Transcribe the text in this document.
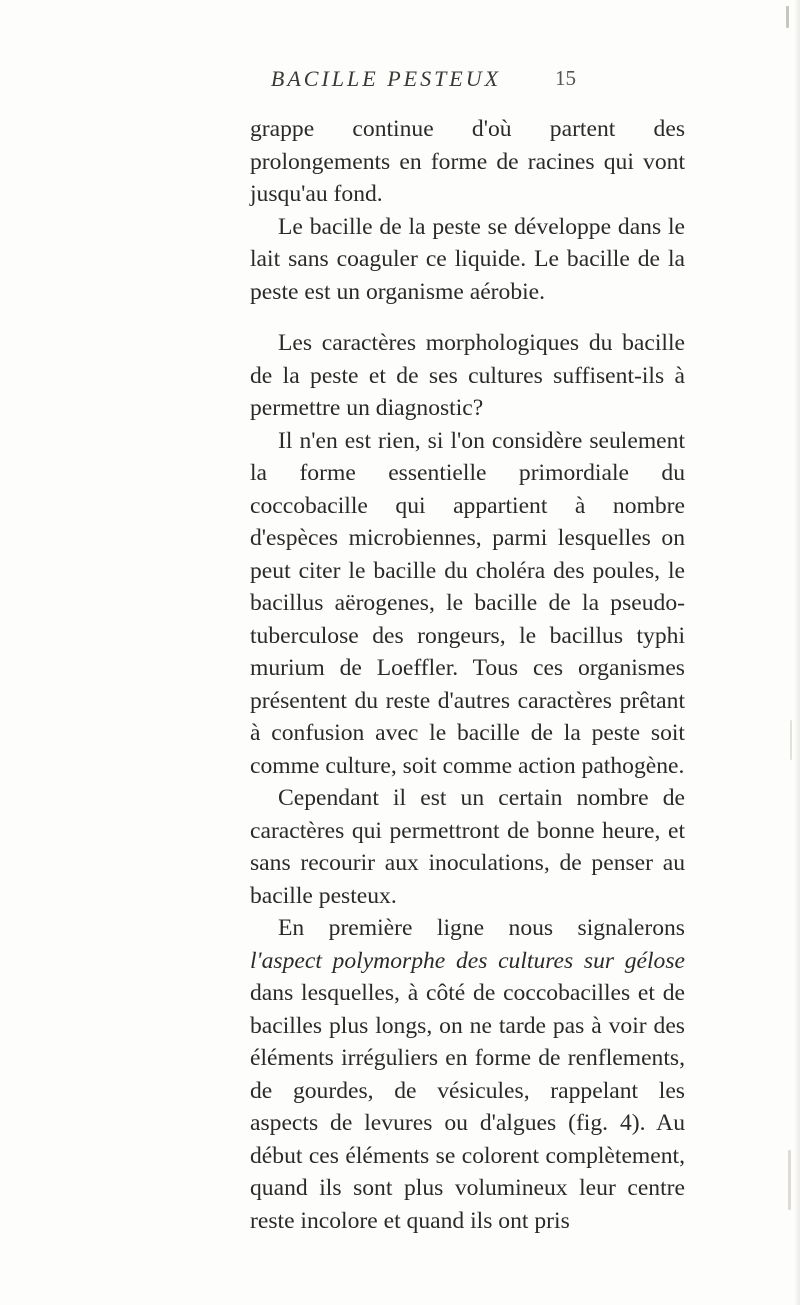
BACILLE PESTEUX	15

grappe continue d'où partent des prolongements en forme de racines qui vont jusqu'au fond.

Le bacille de la peste se développe dans le lait sans coaguler ce liquide. Le bacille de la peste est un organisme aérobie.

Les caractères morphologiques du bacille de la peste et de ses cultures suffisent-ils à permettre un diagnostic?

Il n'en est rien, si l'on considère seulement la forme essentielle primordiale du coccobacille qui appartient à nombre d'espèces microbiennes, parmi lesquelles on peut citer le bacille du choléra des poules, le bacillus aërogenes, le bacille de la pseudo-tuberculose des rongeurs, le bacillus typhi murium de Loeffler. Tous ces organismes présentent du reste d'autres caractères prêtant à confusion avec le bacille de la peste soit comme culture, soit comme action pathogène.

Cependant il est un certain nombre de caractères qui permettront de bonne heure, et sans recourir aux inoculations, de penser au bacille pesteux.

En première ligne nous signalerons l'aspect polymorphe des cultures sur gélose dans lesquelles, à côté de coccobacilles et de bacilles plus longs, on ne tarde pas à voir des éléments irréguliers en forme de renflements, de gourdes, de vésicules, rappelant les aspects de levures ou d'algues (fig. 4). Au début ces éléments se colorent complètement, quand ils sont plus volumineux leur centre reste incolore et quand ils ont pris
